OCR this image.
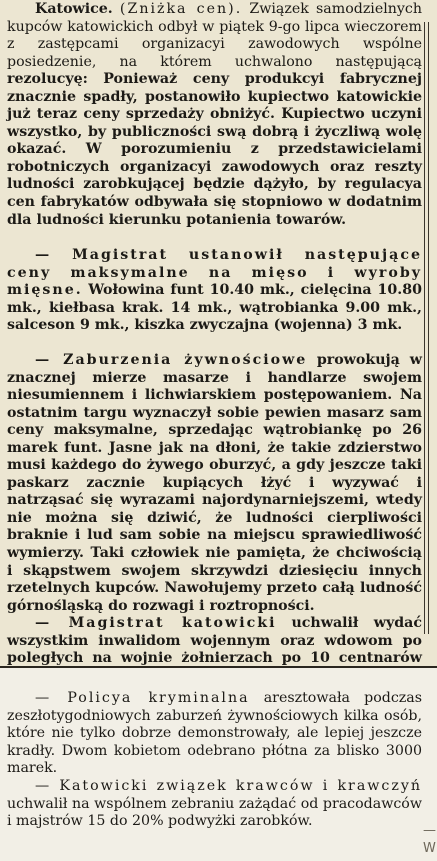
Katowice. (Zniżka cen). Związek samodzielnych kupców katowickich odbył w piątek 9-go lipca wieczorem z zastępcami organizacyi zawodowych wspólne posiedzenie, na którem uchwalono następującą rezolucyę: Ponieważ ceny produkcyi fabrycznej znacznie spadły, postanowiło kupiectwo katowickie już teraz ceny sprzedaży obniżyć. Kupiectwo uczyni wszystko, by publiczności swą dobrą i życzliwą wolę okazać. W porozumieniu z przedstawicielami robotniczych organizacyi zawodowych oraz reszty ludności zarobkującej będzie dążyło, by regulacya cen fabrykatów odbywała się stopniowo w dodatnim dla ludności kierunku potanienia towarów.

— Magistrat ustanowił następujące ceny maksymalne na mięso i wyroby mięsne. Wołowina funt 10.40 mk., cielęcina 10.80 mk., kiełbasa krak. 14 mk., wątrobianka 9.00 mk., salceson 9 mk., kiszka zwyczajna (wojenna) 3 mk.

— Zaburzenia żywnościowe prowokują w znacznej mierze masarze i handlarze swojem niesumiennem i lichwiarskiem postępowaniem. Na ostatnim targu wyznaczył sobie pewien masarz sam ceny maksymalne, sprzedając wątrobiankę po 26 marek funt. Jasne jak na dłoni, że takie zdzierstwo musi każdego do żywego oburzyć, a gdy jeszcze taki paskarz zacznie kupiących łżyć i wyzywać i natrząsać się wyrazami najordynarniejszemi, wtedy nie można się dziwić, że ludności cierpliwości braknie i lud sam sobie na miejscu sprawiedliwość wymierzy. Taki człowiek nie pamięta, że chciwością i skąpstwem swojem skrzywdzi dziesięciu innych rzetelnych kupców. Nawołujemy przeto całą ludność górnośląską do rozwagi i roztropności.

— Magistrat katowicki uchwalił wydać wszystkim inwalidom wojennym oraz wdowom po poległych na wojnie żołnierzach po 10 centnarów

— Policya kryminalna aresztowała podczas zeszłotygodniowych zaburzeń żywnościowych kilka osób, które nie tylko dobrze demonstrowały, ale lepiej jeszcze kradły. Dwom kobietom odebrano płótna za blisko 3000 marek.

— Katowicki związek krawców i krawczyń uchwalił na wspólnem zebraniu zażądać od pracodawców i majstrów 15 do 20% podwyżki zarobków.

— W
